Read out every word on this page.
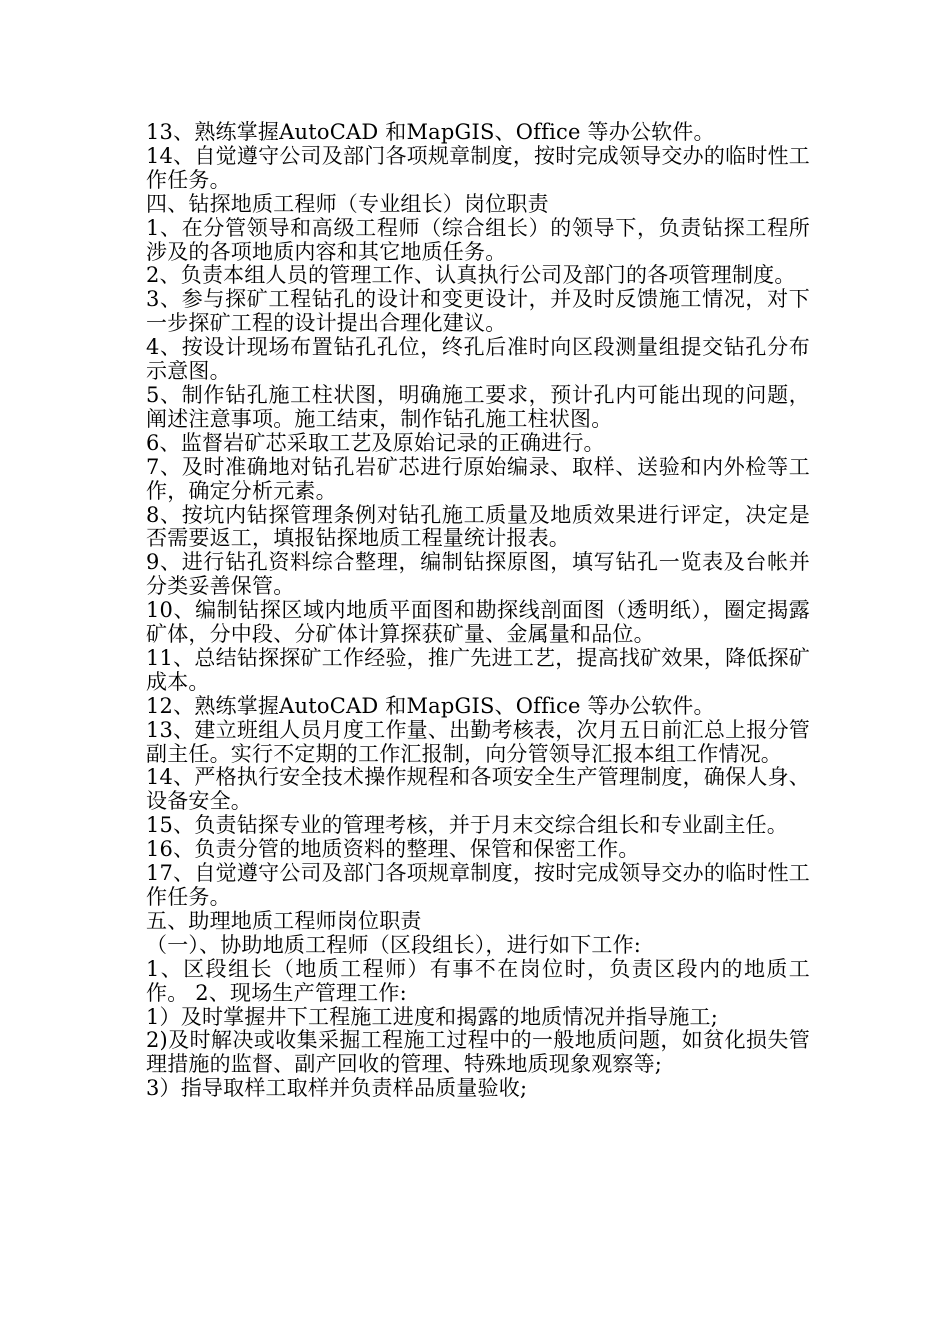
13、熟练掌握AutoCAD 和MapGIS、Office 等办公软件。

14、自觉遵守公司及部门各项规章制度，按时完成领导交办的临时性工作任务。

四、钻探地质工程师（专业组长）岗位职责

1、在分管领导和高级工程师（综合组长）的领导下，负责钻探工程所涉及的各项地质内容和其它地质任务。

2、负责本组人员的管理工作、认真执行公司及部门的各项管理制度。

3、参与探矿工程钻孔的设计和变更设计，并及时反馈施工情况，对下一步探矿工程的设计提出合理化建议。

4、按设计现场布置钻孔孔位，终孔后准时向区段测量组提交钻孔分布示意图。

5、制作钻孔施工柱状图，明确施工要求，预计孔内可能出现的问题，阐述注意事项。施工结束，制作钻孔施工柱状图。

6、监督岩矿芯采取工艺及原始记录的正确进行。

7、及时准确地对钻孔岩矿芯进行原始编录、取样、送验和内外检等工作，确定分析元素。

8、按坑内钻探管理条例对钻孔施工质量及地质效果进行评定，决定是否需要返工，填报钻探地质工程量统计报表。

9、进行钻孔资料综合整理，编制钻探原图，填写钻孔一览表及台帐并分类妥善保管。

10、编制钻探区域内地质平面图和勘探线剖面图（透明纸），圈定揭露矿体，分中段、分矿体计算探获矿量、金属量和品位。

11、总结钻探探矿工作经验，推广先进工艺，提高找矿效果，降低探矿成本。

12、熟练掌握AutoCAD 和MapGIS、Office 等办公软件。

13、建立班组人员月度工作量、出勤考核表，次月五日前汇总上报分管副主任。实行不定期的工作汇报制，向分管领导汇报本组工作情况。

14、严格执行安全技术操作规程和各项安全生产管理制度，确保人身、设备安全。

15、负责钻探专业的管理考核，并于月末交综合组长和专业副主任。

16、负责分管的地质资料的整理、保管和保密工作。

17、自觉遵守公司及部门各项规章制度，按时完成领导交办的临时性工作任务。

五、助理地质工程师岗位职责

（一）、协助地质工程师（区段组长），进行如下工作:

1、区段组长（地质工程师）有事不在岗位时，负责区段内的地质工作。 2、现场生产管理工作:

1）及时掌握井下工程施工进度和揭露的地质情况并指导施工;

2)及时解决或收集采掘工程施工过程中的一般地质问题，如贫化损失管理措施的监督、副产回收的管理、特殊地质现象观察等;

3）指导取样工取样并负责样品质量验收;
